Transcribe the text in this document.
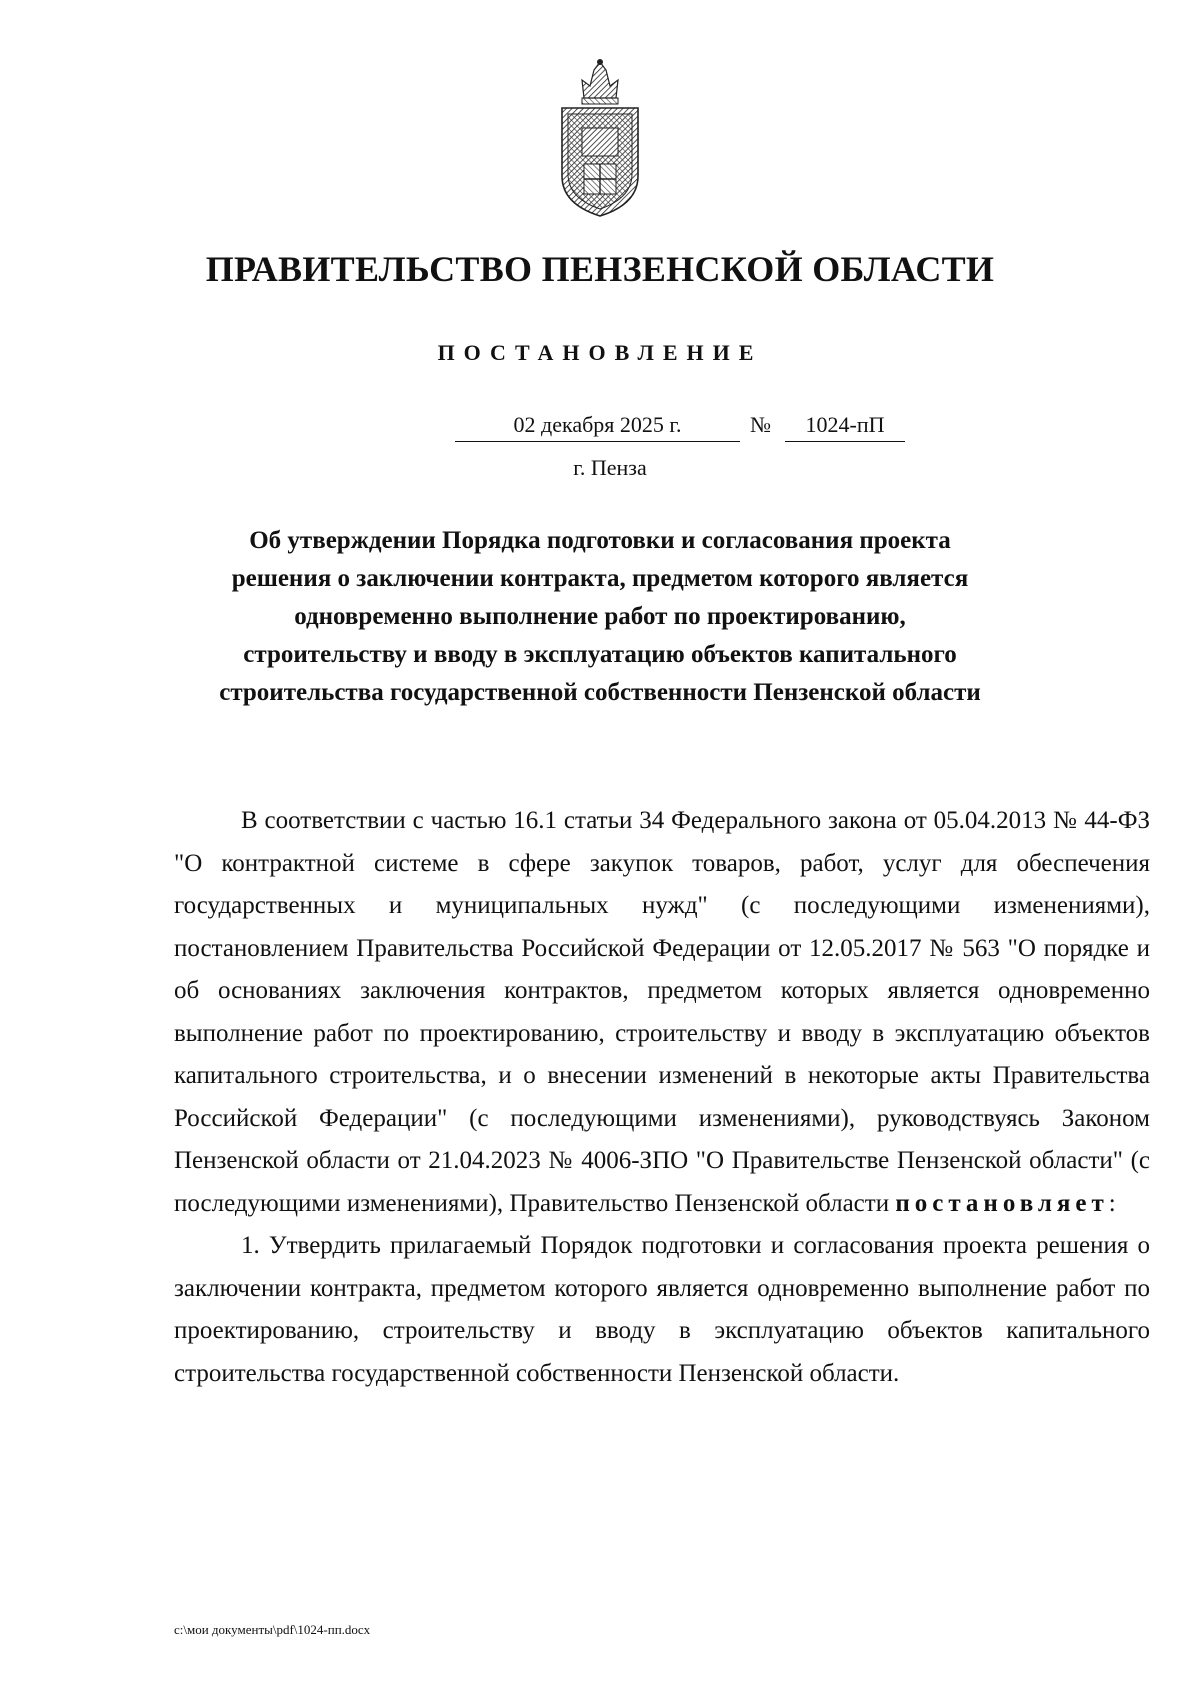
ПРАВИТЕЛЬСТВО ПЕНЗЕНСКОЙ ОБЛАСТИ
ПОСТАНОВЛЕНИЕ
02 декабря 2025 г.	№	1024-пП
г. Пенза
Об утверждении Порядка подготовки и согласования проекта
решения о заключении контракта, предметом которого является
одновременно выполнение работ по проектированию,
строительству и вводу в эксплуатацию объектов капитального
строительства государственной собственности Пензенской области

В соответствии с частью 16.1 статьи 34 Федерального закона от 05.04.2013 № 44-ФЗ "О контрактной системе в сфере закупок товаров, работ, услуг для обеспечения государственных и муниципальных нужд" (с последующими изменениями), постановлением Правительства Российской Федерации от 12.05.2017 № 563 "О порядке и об основаниях заключения контрактов, предметом которых является одновременно выполнение работ по проектированию, строительству и вводу в эксплуатацию объектов капитального строительства, и о внесении изменений в некоторые акты Правительства Российской Федерации" (с последующими изменениями), руководствуясь Законом Пензенской области от 21.04.2023 № 4006-ЗПО "О Правительстве Пензенской области" (с последующими изменениями), Правительство Пензенской области постановляет:

1. Утвердить прилагаемый Порядок подготовки и согласования проекта решения о заключении контракта, предметом которого является одновременно выполнение работ по проектированию, строительству и вводу в эксплуатацию объектов капитального строительства государственной собственности Пензенской области.

c:\мои документы\pdf\1024-пп.docx
